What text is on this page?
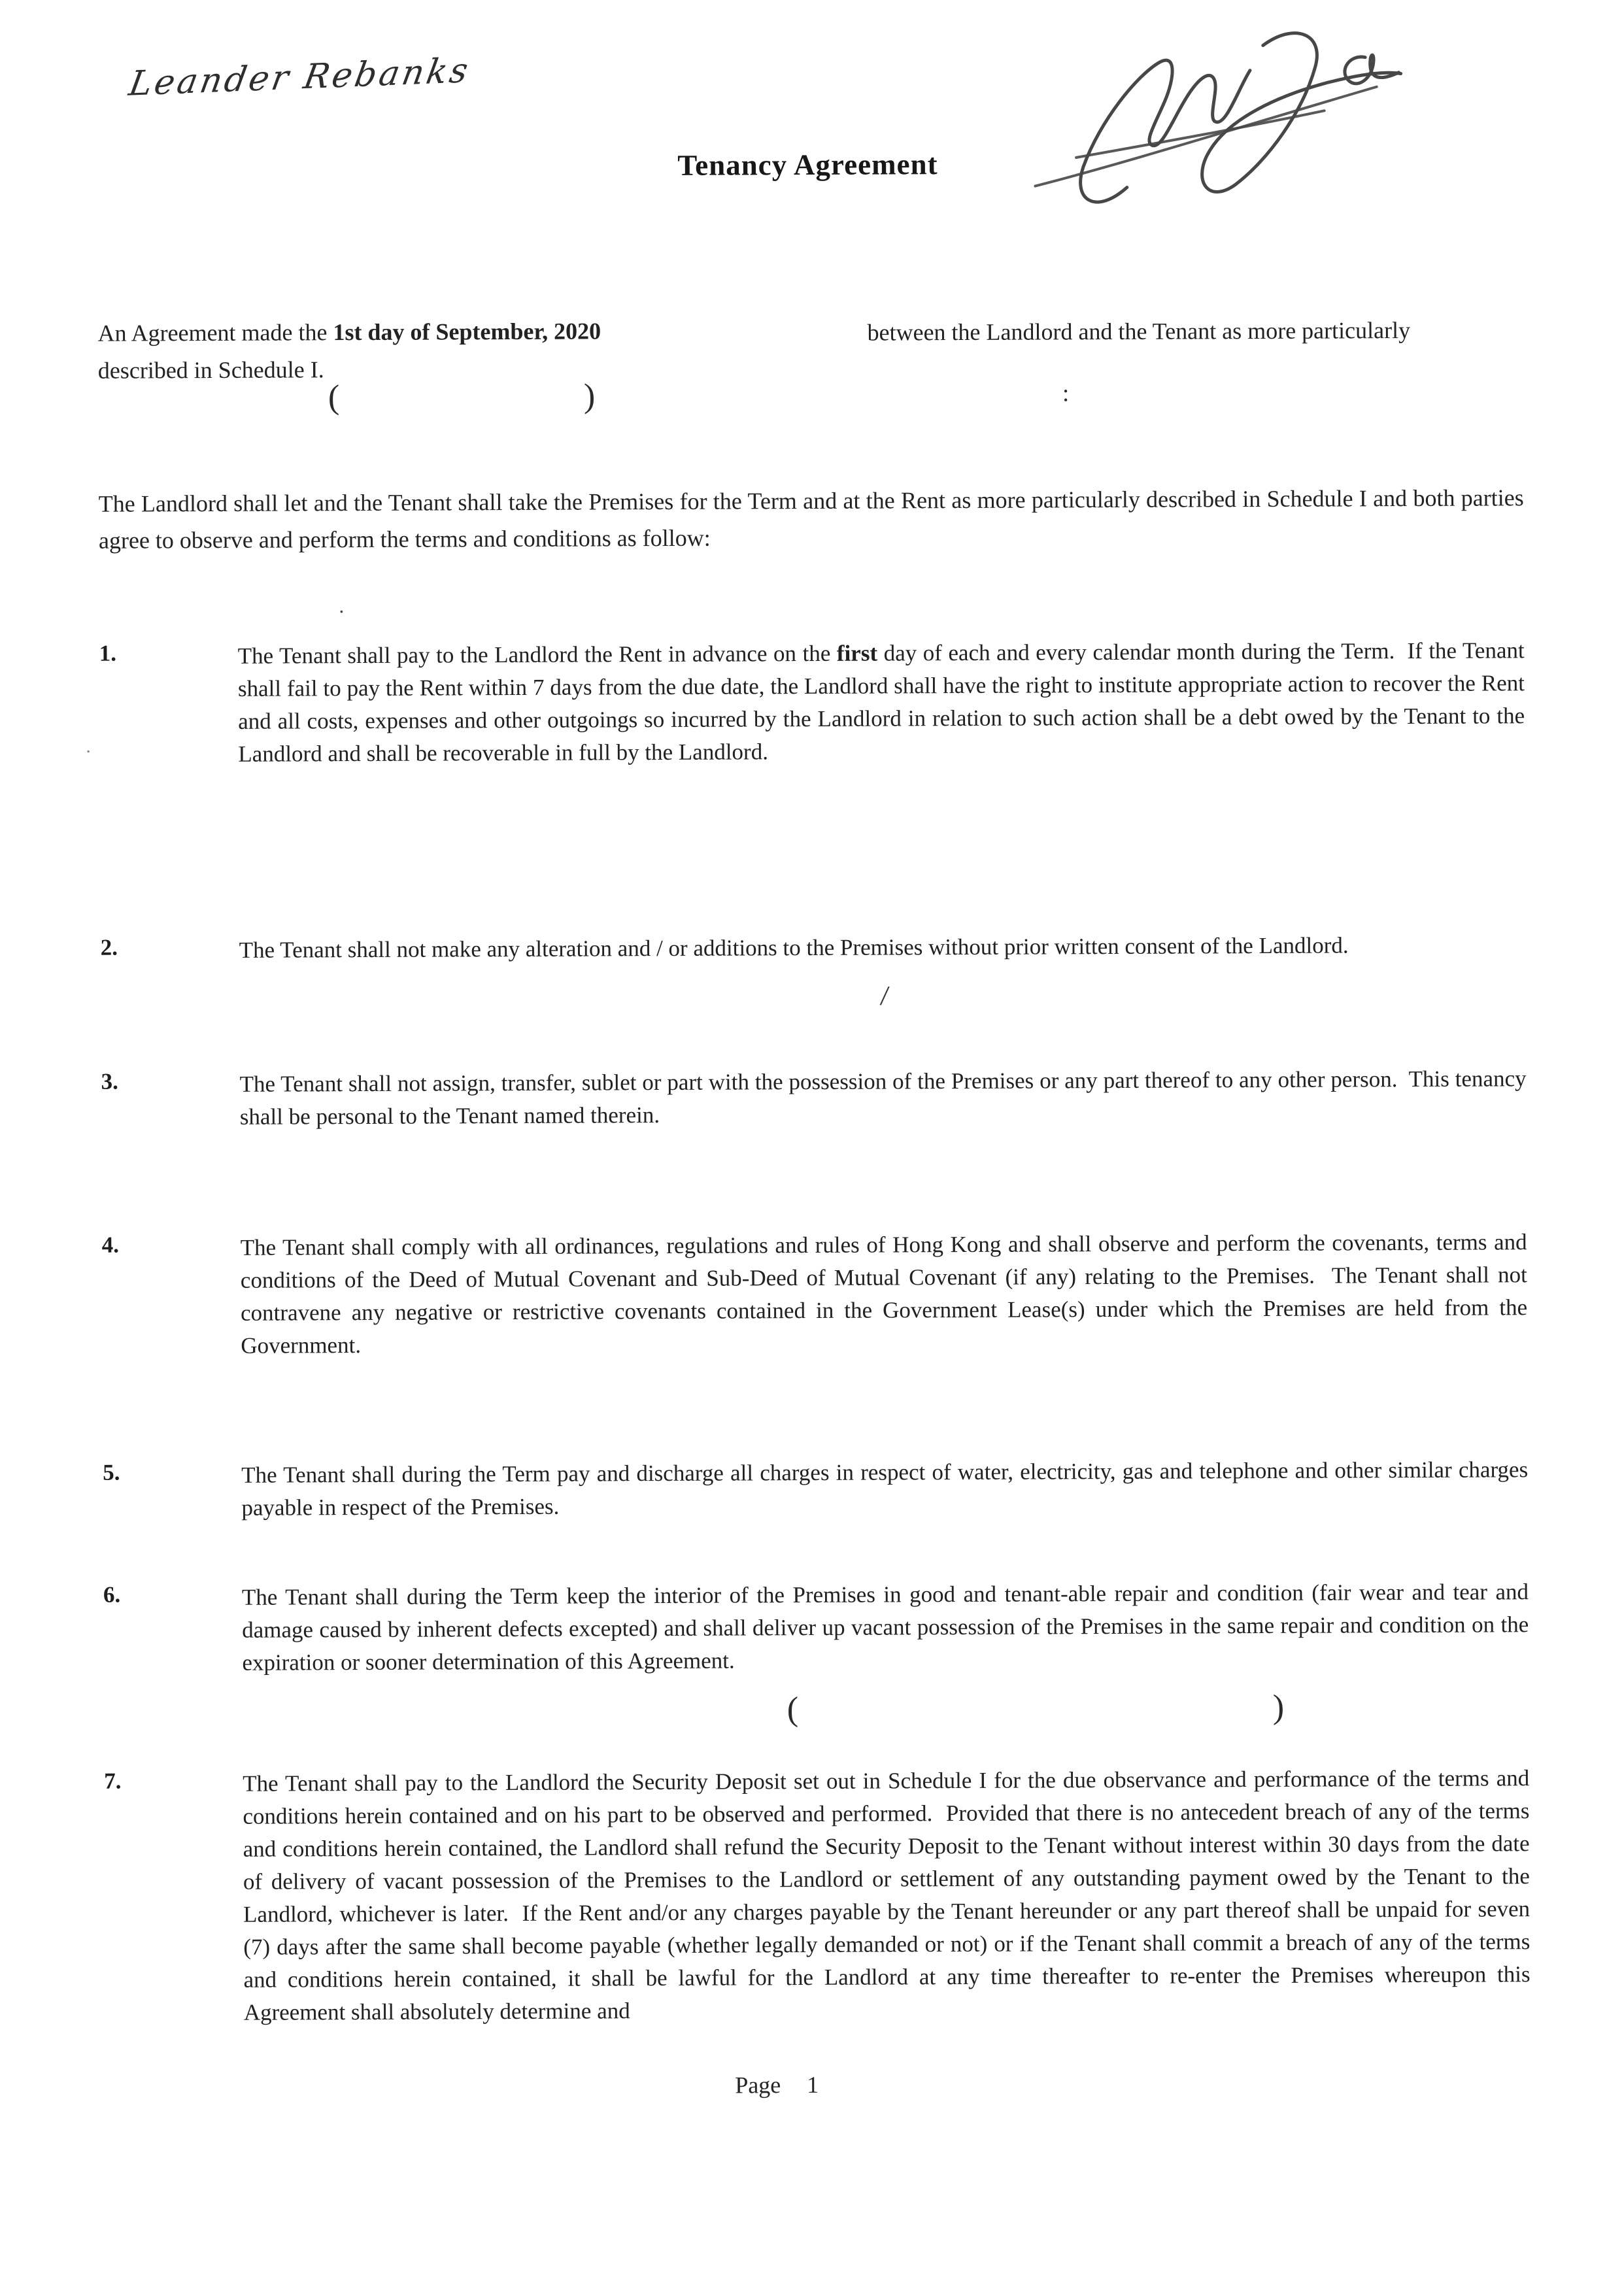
Leander Rebanks
Tenancy Agreement
An Agreement made the 1st day of September, 2020	between the Landlord and the Tenant as more particularly
described in Schedule I.
(	)	:
The Landlord shall let and the Tenant shall take the Premises for the Term and at the Rent as more particularly described in Schedule I and both parties agree to observe and perform the terms and conditions as follow:
.
.
1.	The Tenant shall pay to the Landlord the Rent in advance on the first day of each and every calendar month during the Term.  If the Tenant shall fail to pay the Rent within 7 days from the due date, the Landlord shall have the right to institute appropriate action to recover the Rent and all costs, expenses and other outgoings so incurred by the Landlord in relation to such action shall be a debt owed by the Tenant to the Landlord and shall be recoverable in full by the Landlord.
2.	The Tenant shall not make any alteration and / or additions to the Premises without prior written consent of the Landlord.
/
3.	The Tenant shall not assign, transfer, sublet or part with the possession of the Premises or any part thereof to any other person.  This tenancy shall be personal to the Tenant named therein.
4.	The Tenant shall comply with all ordinances, regulations and rules of Hong Kong and shall observe and perform the covenants, terms and conditions of the Deed of Mutual Covenant and Sub-Deed of Mutual Covenant (if any) relating to the Premises.  The Tenant shall not contravene any negative or restrictive covenants contained in the Government Lease(s) under which the Premises are held from the Government.
5.	The Tenant shall during the Term pay and discharge all charges in respect of water, electricity, gas and telephone and other similar charges payable in respect of the Premises.
6.	The Tenant shall during the Term keep the interior of the Premises in good and tenant-able repair and condition (fair wear and tear and damage caused by inherent defects excepted) and shall deliver up vacant possession of the Premises in the same repair and condition on the expiration or sooner determination of this Agreement.
(	)
7.	The Tenant shall pay to the Landlord the Security Deposit set out in Schedule I for the due observance and performance of the terms and conditions herein contained and on his part to be observed and performed.  Provided that there is no antecedent breach of any of the terms and conditions herein contained, the Landlord shall refund the Security Deposit to the Tenant without interest within 30 days from the date of delivery of vacant possession of the Premises to the Landlord or settlement of any outstanding payment owed by the Tenant to the Landlord, whichever is later.  If the Rent and/or any charges payable by the Tenant hereunder or any part thereof shall be unpaid for seven (7) days after the same shall become payable (whether legally demanded or not) or if the Tenant shall commit a breach of any of the terms and conditions herein contained, it shall be lawful for the Landlord at any time thereafter to re-enter the Premises whereupon this Agreement shall absolutely determine and
Page 1
